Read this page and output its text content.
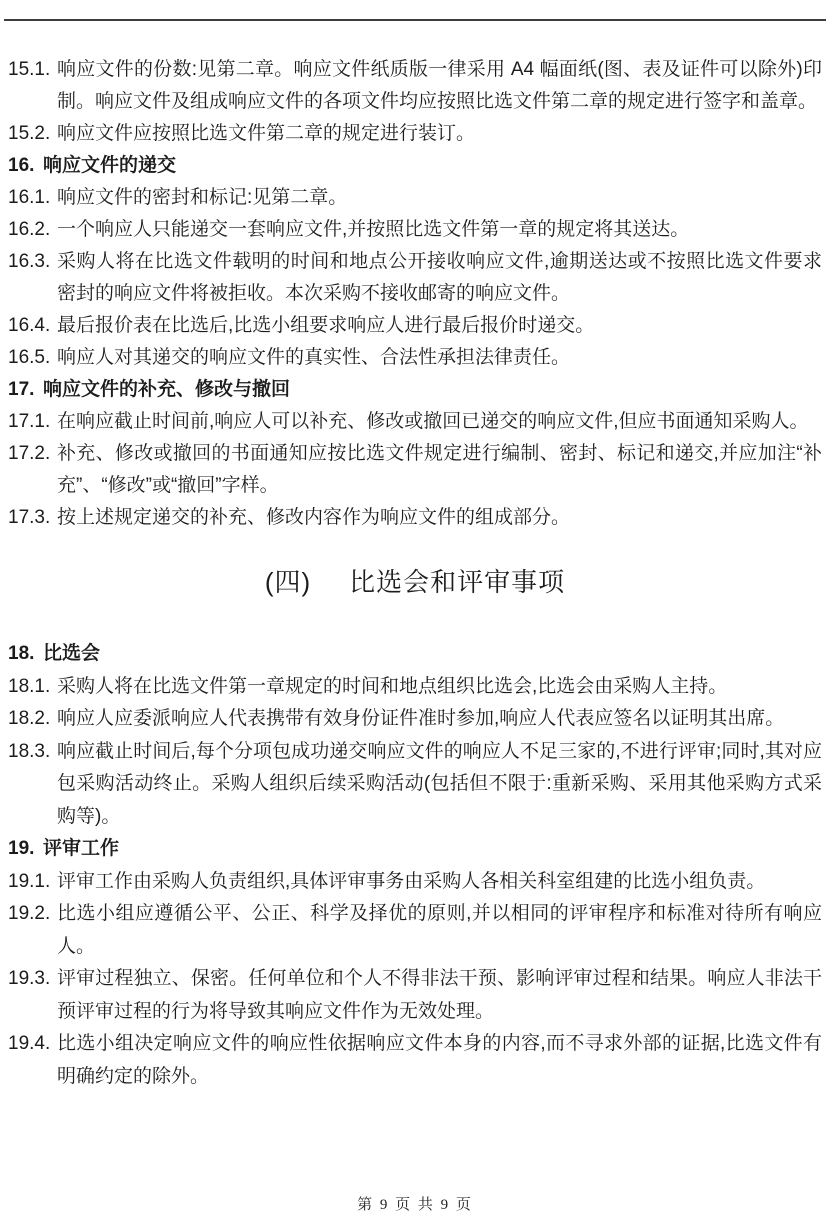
15.1. 响应文件的份数:见第二章。响应文件纸质版一律采用 A4 幅面纸(图、表及证件可以除外)印制。响应文件及组成响应文件的各项文件均应按照比选文件第二章的规定进行签字和盖章。

15.2. 响应文件应按照比选文件第二章的规定进行装订。

16. 响应文件的递交

16.1. 响应文件的密封和标记:见第二章。

16.2. 一个响应人只能递交一套响应文件,并按照比选文件第一章的规定将其送达。

16.3. 采购人将在比选文件载明的时间和地点公开接收响应文件,逾期送达或不按照比选文件要求密封的响应文件将被拒收。本次采购不接收邮寄的响应文件。

16.4. 最后报价表在比选后,比选小组要求响应人进行最后报价时递交。

16.5. 响应人对其递交的响应文件的真实性、合法性承担法律责任。

17. 响应文件的补充、修改与撤回

17.1. 在响应截止时间前,响应人可以补充、修改或撤回已递交的响应文件,但应书面通知采购人。

17.2. 补充、修改或撤回的书面通知应按比选文件规定进行编制、密封、标记和递交,并应加注“补充”、“修改”或“撤回”字样。

17.3. 按上述规定递交的补充、修改内容作为响应文件的组成部分。

(四) 比选会和评审事项

18. 比选会

18.1. 采购人将在比选文件第一章规定的时间和地点组织比选会,比选会由采购人主持。

18.2. 响应人应委派响应人代表携带有效身份证件准时参加,响应人代表应签名以证明其出席。

18.3. 响应截止时间后,每个分项包成功递交响应文件的响应人不足三家的,不进行评审;同时,其对应包采购活动终止。采购人组织后续采购活动(包括但不限于:重新采购、采用其他采购方式采购等)。

19. 评审工作

19.1. 评审工作由采购人负责组织,具体评审事务由采购人各相关科室组建的比选小组负责。

19.2. 比选小组应遵循公平、公正、科学及择优的原则,并以相同的评审程序和标准对待所有响应人。

19.3. 评审过程独立、保密。任何单位和个人不得非法干预、影响评审过程和结果。响应人非法干预评审过程的行为将导致其响应文件作为无效处理。

19.4. 比选小组决定响应文件的响应性依据响应文件本身的内容,而不寻求外部的证据,比选文件有明确约定的除外。

第 9 页 共 9 页
